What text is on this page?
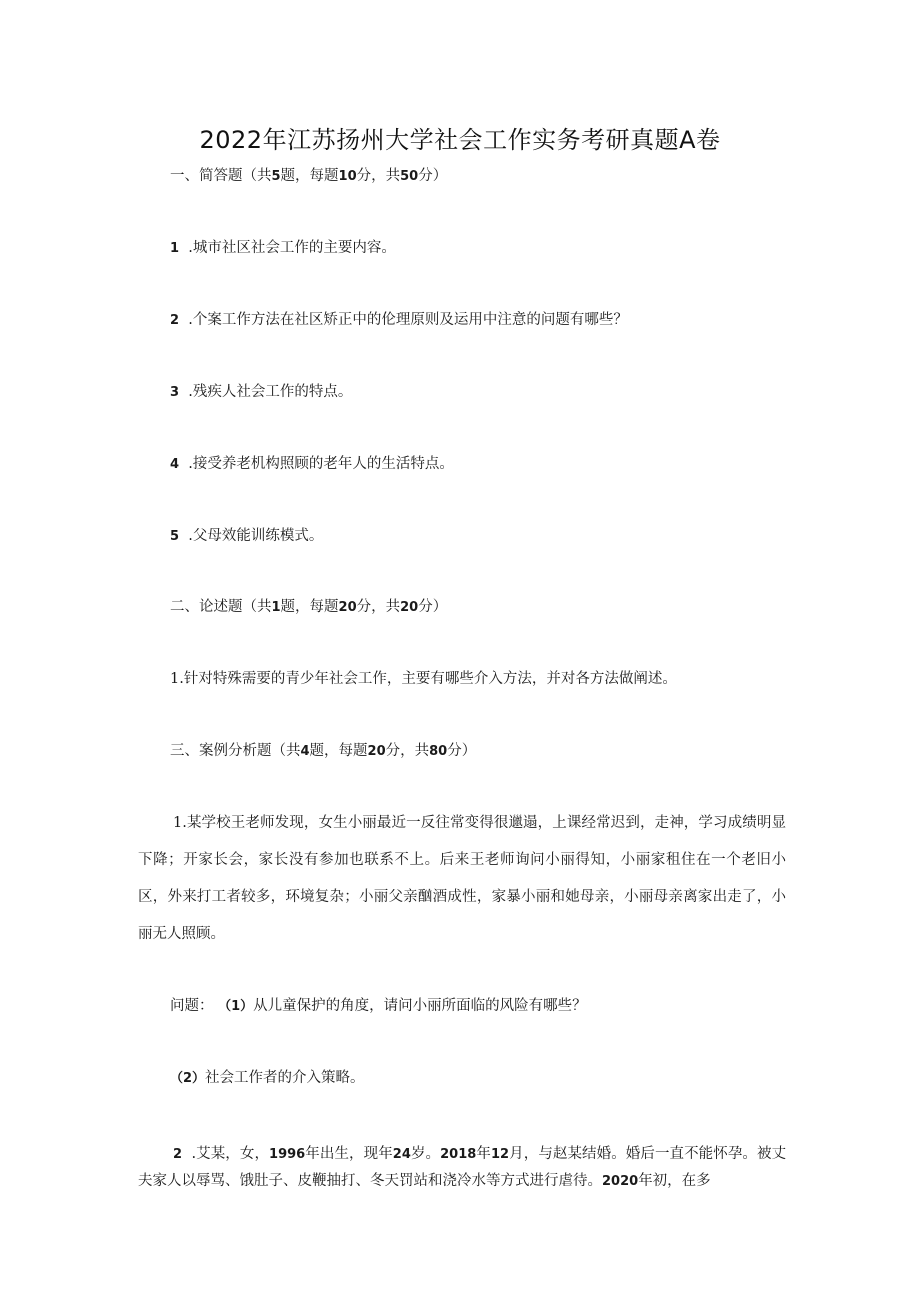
2022年江苏扬州大学社会工作实务考研真题A卷
一、简答题（共5题，每题10分，共50分）
1 .城市社区社会工作的主要内容。
2 .个案工作方法在社区矫正中的伦理原则及运用中注意的问题有哪些？
3 .残疾人社会工作的特点。
4 .接受养老机构照顾的老年人的生活特点。
5 .父母效能训练模式。
二、论述题（共1题，每题20分，共20分）
1.针对特殊需要的青少年社会工作，主要有哪些介入方法，并对各方法做阐述。
三、案例分析题（共4题，每题20分，共80分）
1.某学校王老师发现，女生小丽最近一反往常变得很邋遢，上课经常迟到，走神，学习成绩明显下降；开家长会，家长没有参加也联系不上。后来王老师询问小丽得知，小丽家租住在一个老旧小区，外来打工者较多，环境复杂；小丽父亲酗酒成性，家暴小丽和她母亲，小丽母亲离家出走了，小丽无人照顾。
问题： （1）从儿童保护的角度，请问小丽所面临的风险有哪些？
（2）社会工作者的介入策略。
2 .艾某，女，1996年出生，现年24岁。2018年12月，与赵某结婚。婚后一直不能怀孕。被丈夫家人以辱骂、饿肚子、皮鞭抽打、冬天罚站和浇冷水等方式进行虐待。2020年初，在多
